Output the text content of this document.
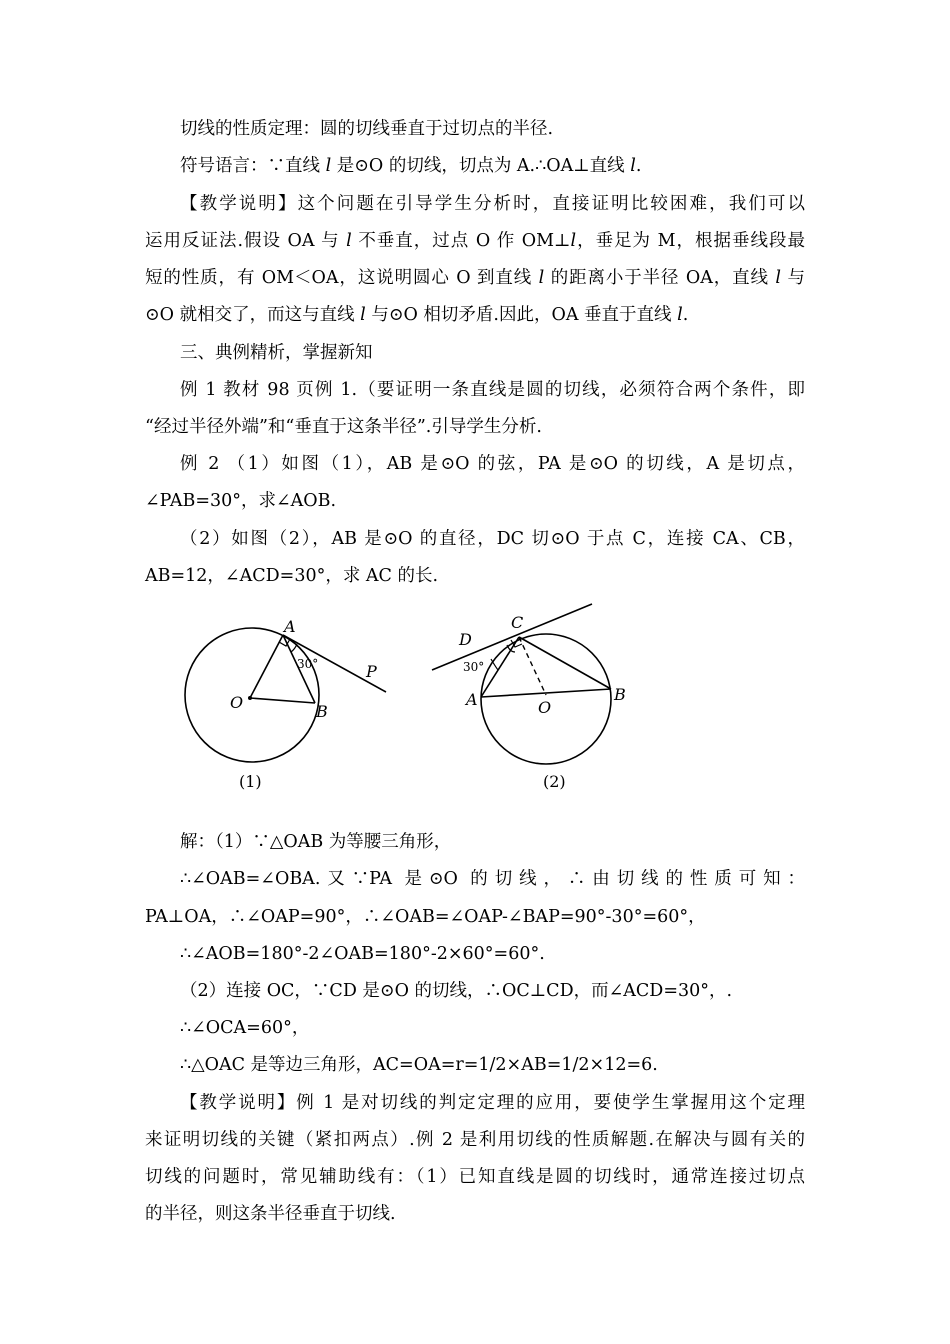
切线的性质定理：圆的切线垂直于过切点的半径.
符号语言：∵直线 l 是⊙O 的切线，切点为 A.∴OA⊥直线 l.
【教学说明】这个问题在引导学生分析时，直接证明比较困难，我们可以
运用反证法.假设 OA 与 l 不垂直，过点 O 作 OM⊥l，垂足为 M，根据垂线段最
短的性质，有 OM＜OA，这说明圆心 O 到直线 l 的距离小于半径 OA，直线 l 与
⊙O 就相交了，而这与直线 l 与⊙O 相切矛盾.因此，OA 垂直于直线 l.
三、典例精析，掌握新知
例 1 教材 98 页例 1.（要证明一条直线是圆的切线，必须符合两个条件，即
“经过半径外端”和“垂直于这条半径”.引导学生分析.
例 2 （1）如图（1），AB 是⊙O 的弦，PA 是⊙O 的切线，A 是切点，
∠PAB=30°，求∠AOB.
（2）如图（2），AB 是⊙O 的直径，DC 切⊙O 于点 C，连接 CA、CB，
AB=12，∠ACD=30°，求 AC 的长.
A
30°	P
O	B
(1)
C
D
30°
A	O
B
(2)
解：（1）∵△OAB 为等腰三角形，
∴∠OAB=∠OBA.又∵PA 是⊙O 的切线，∴由切线的性质可知：
PA⊥OA，∴∠OAP=90°，∴∠OAB=∠OAP-∠BAP=90°-30°=60°，
∴∠AOB=180°-2∠OAB=180°-2×60°=60°.
（2）连接 OC，∵CD 是⊙O 的切线，∴OC⊥CD，而∠ACD=30°，.
∴∠OCA=60°，
∴△OAC 是等边三角形，AC=OA=r=1/2×AB=1/2×12=6.
【教学说明】例 1 是对切线的判定定理的应用，要使学生掌握用这个定理
来证明切线的关键（紧扣两点）.例 2 是利用切线的性质解题.在解决与圆有关的
切线的问题时，常见辅助线有：（1）已知直线是圆的切线时，通常连接过切点
的半径，则这条半径垂直于切线.
